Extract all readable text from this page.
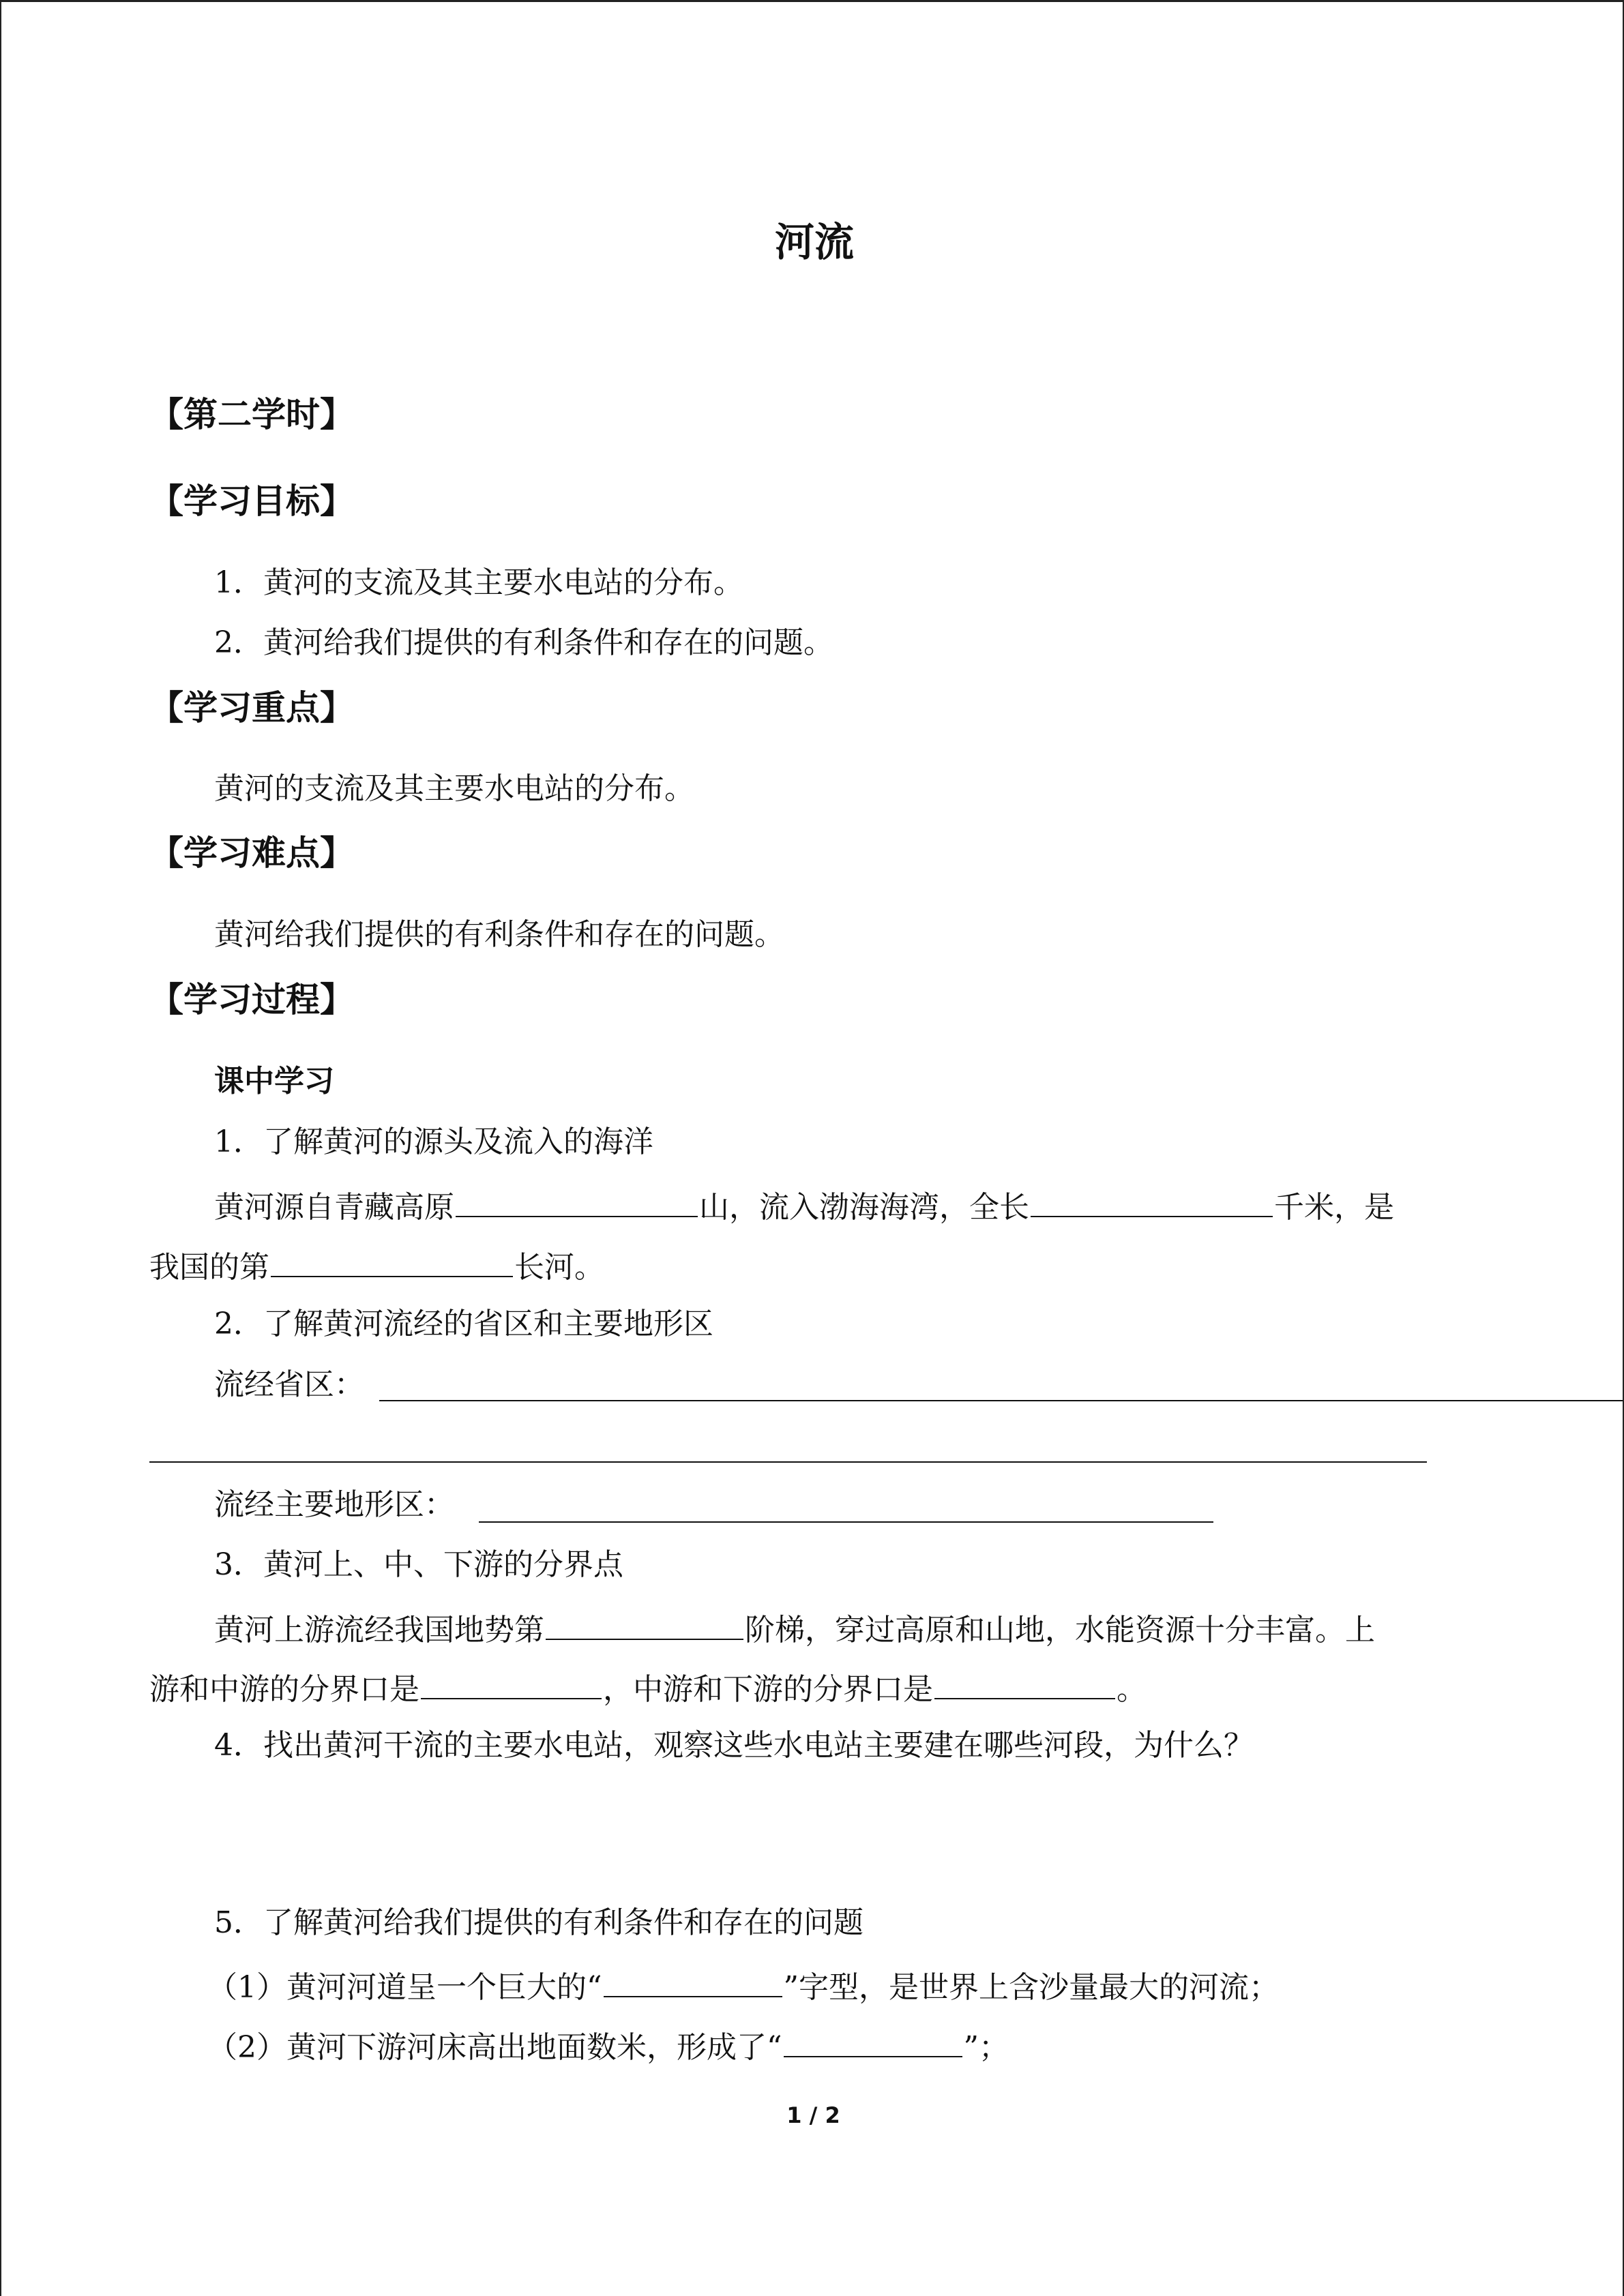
河流
【第二学时】
【学习目标】
1．黄河的支流及其主要水电站的分布。
2．黄河给我们提供的有利条件和存在的问题。
【学习重点】
黄河的支流及其主要水电站的分布。
【学习难点】
黄河给我们提供的有利条件和存在的问题。
【学习过程】
课中学习
1．了解黄河的源头及流入的海洋
黄河源自青藏高原	山，流入渤海海湾，全长	千米，是
我国的第	长河。
2．了解黄河流经的省区和主要地形区
流经省区：
流经主要地形区：
3．黄河上、中、下游的分界点
黄河上游流经我国地势第	阶梯，穿过高原和山地，水能资源十分丰富。上
游和中游的分界口是	，中游和下游的分界口是	。
4．找出黄河干流的主要水电站，观察这些水电站主要建在哪些河段，为什么？
5．了解黄河给我们提供的有利条件和存在的问题
（1）黄河河道呈一个巨大的“	”字型，是世界上含沙量最大的河流；
（2）黄河下游河床高出地面数米，形成了“	”；
1 / 2
